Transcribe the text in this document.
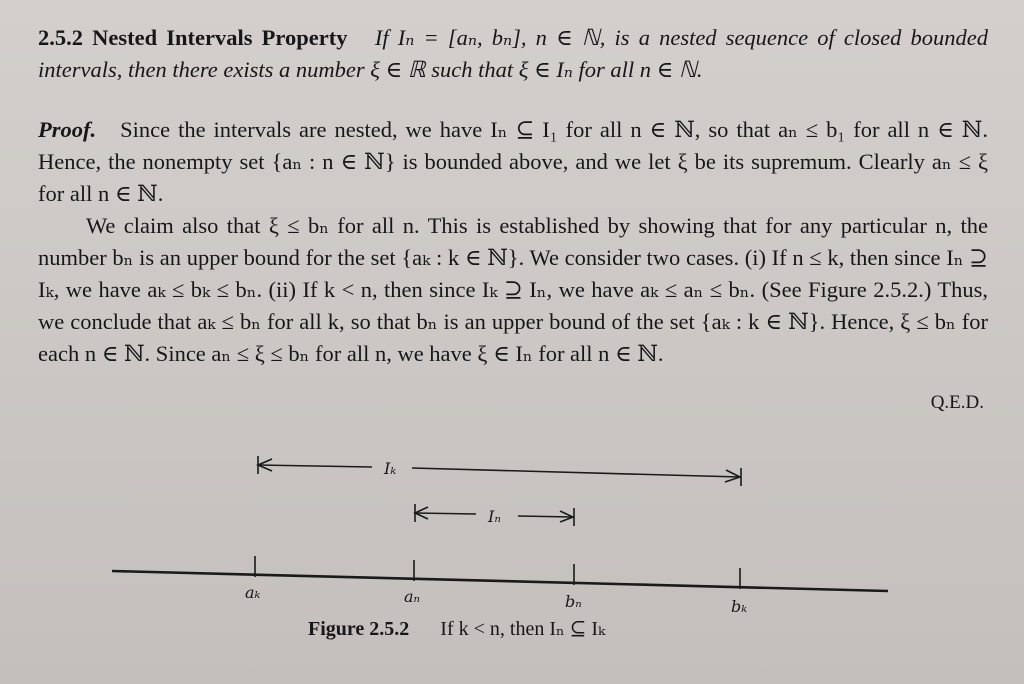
2.5.2 Nested Intervals Property If Iₙ = [aₙ, bₙ], n ∈ ℕ, is a nested sequence of closed bounded intervals, then there exists a number ξ ∈ ℝ such that ξ ∈ Iₙ for all n ∈ ℕ.
Proof. Since the intervals are nested, we have Iₙ ⊆ I₁ for all n ∈ ℕ, so that aₙ ≤ b₁ for all n ∈ ℕ. Hence, the nonempty set {aₙ : n ∈ ℕ} is bounded above, and we let ξ be its supremum. Clearly aₙ ≤ ξ for all n ∈ ℕ.
We claim also that ξ ≤ bₙ for all n. This is established by showing that for any particular n, the number bₙ is an upper bound for the set {aₖ : k ∈ ℕ}. We consider two cases. (i) If n ≤ k, then since Iₙ ⊇ Iₖ, we have aₖ ≤ bₖ ≤ bₙ. (ii) If k < n, then since Iₖ ⊇ Iₙ, we have aₖ ≤ aₙ ≤ bₙ. (See Figure 2.5.2.) Thus, we conclude that aₖ ≤ bₙ for all k, so that bₙ is an upper bound of the set {aₖ : k ∈ ℕ}. Hence, ξ ≤ bₙ for each n ∈ ℕ. Since aₙ ≤ ξ ≤ bₙ for all n, we have ξ ∈ Iₙ for all n ∈ ℕ.
Q.E.D.
Iₖ
Iₙ
aₖ	aₙ	bₙ	bₖ
Figure 2.5.2 If k < n, then Iₙ ⊆ Iₖ
